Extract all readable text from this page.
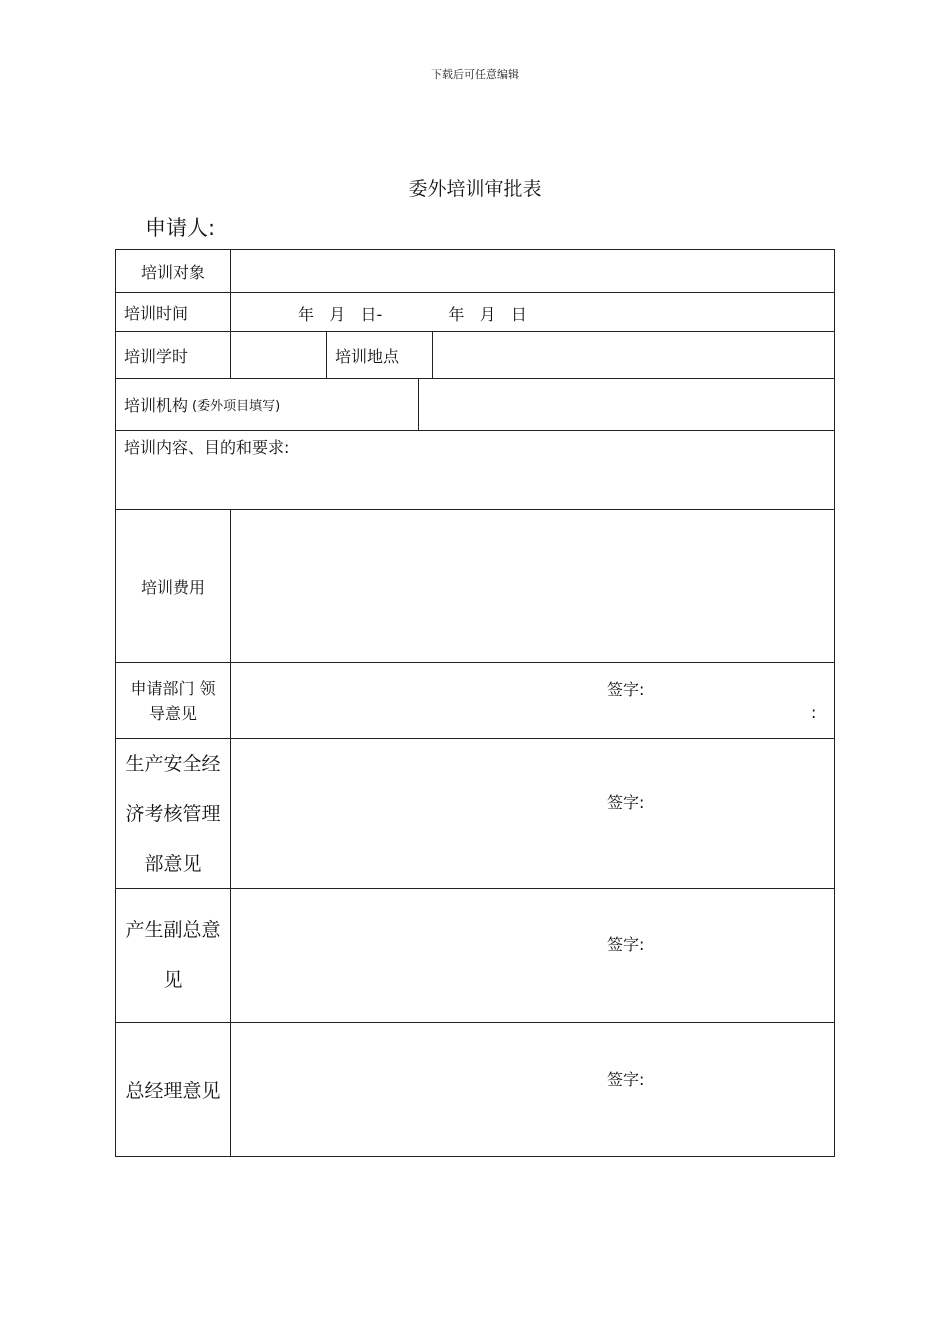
下载后可任意编辑
委外培训审批表
申请人:
培训对象
培训时间	年   月   日-             年   月   日
培训学时	培训地点
培训机构 (委外项目填写)
培训内容、目的和要求:
培训费用
申请部门 领导意见
签字:
:
生产安全经
济考核管理
部意见
签字:
产生副总意
见
签字:
总经理意见
签字:
